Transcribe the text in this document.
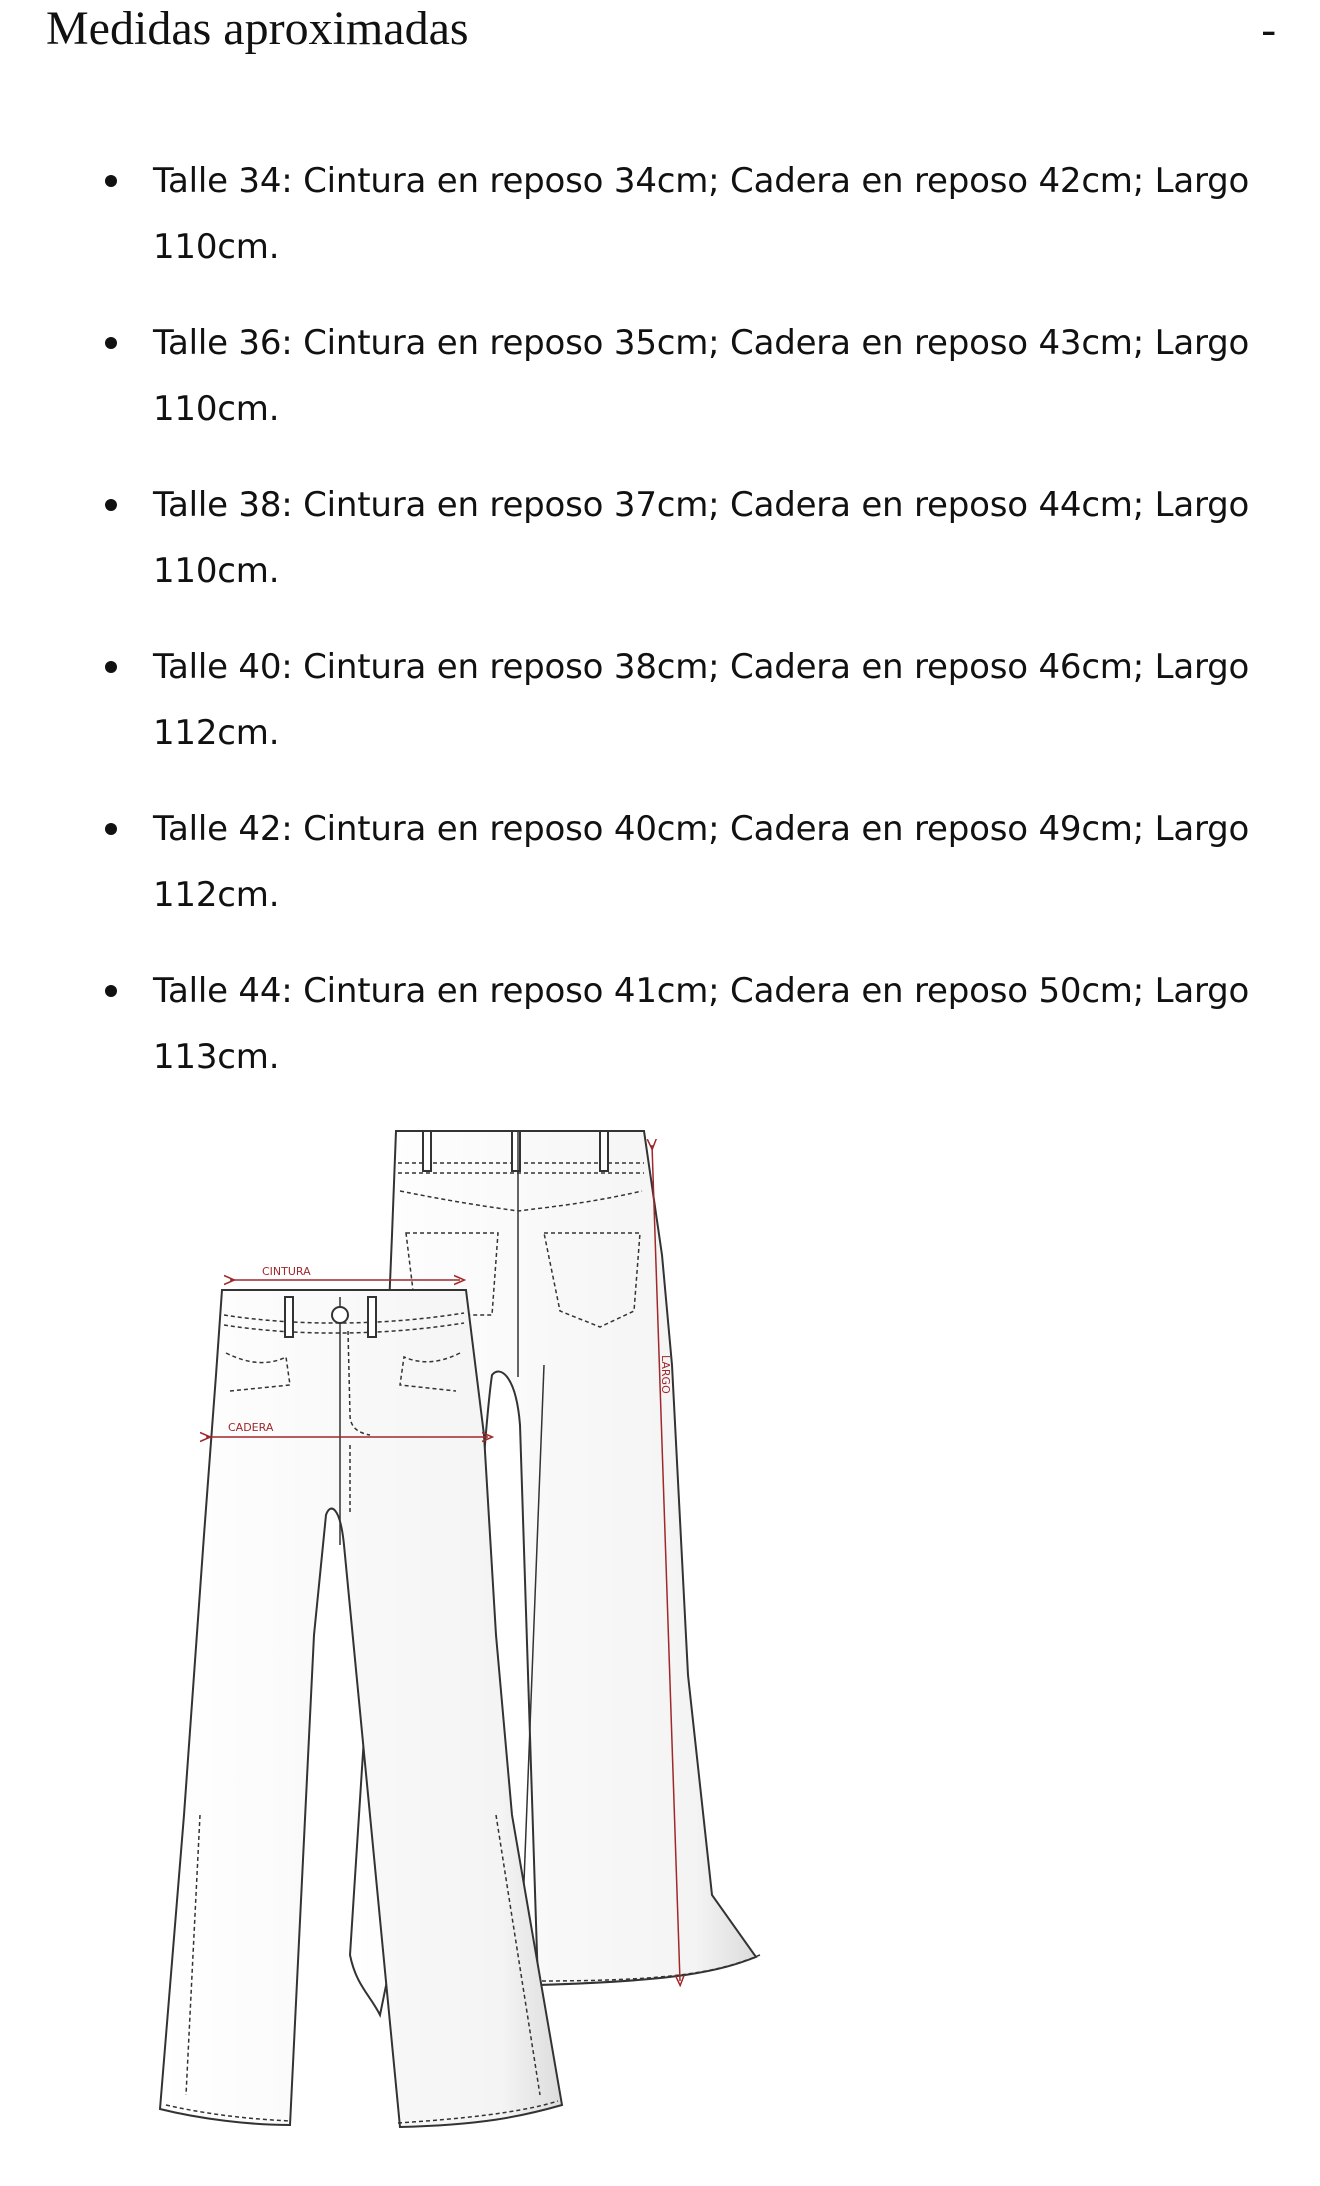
Medidas aproximadas	-
Talle 34: Cintura en reposo 34cm; Cadera en reposo 42cm; Largo 110cm.
Talle 36: Cintura en reposo 35cm; Cadera en reposo 43cm; Largo 110cm.
Talle 38: Cintura en reposo 37cm; Cadera en reposo 44cm; Largo 110cm.
Talle 40: Cintura en reposo 38cm; Cadera en reposo 46cm; Largo 112cm.
Talle 42: Cintura en reposo 40cm; Cadera en reposo 49cm; Largo 112cm.
Talle 44: Cintura en reposo 41cm; Cadera en reposo 50cm; Largo 113cm.
LARGO
CINTURA
CADERA
